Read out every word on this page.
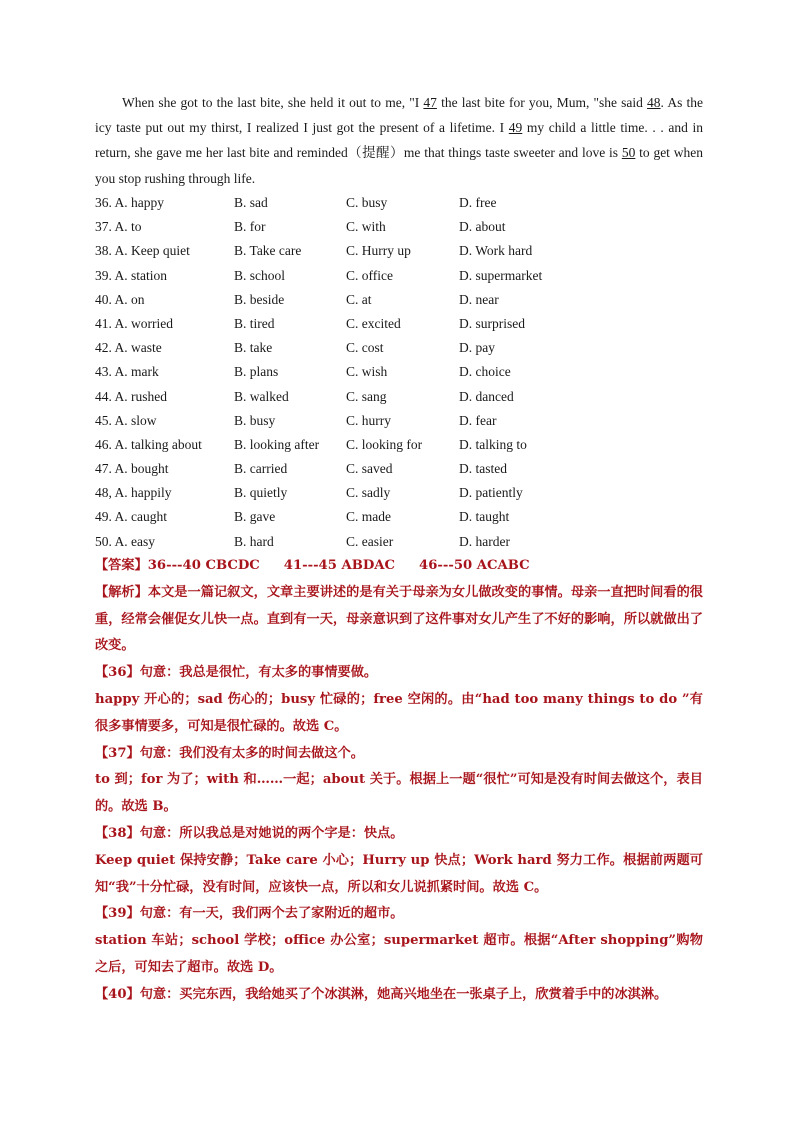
When she got to the last bite, she held it out to me, "I 47 the last bite for you, Mum, "she said 48. As the icy taste put out my thirst, I realized I just got the present of a lifetime. I 49 my child a little time. . . and in return, she gave me her last bite and reminded（提醒）me that things taste sweeter and love is 50 to get when you stop rushing through life.

36. A. happy	B. sad	C. busy	D. free
37. A. to	B. for	C. with	D. about
38. A. Keep quiet	B. Take care	C. Hurry up	D. Work hard
39. A. station	B. school	C. office	D. supermarket
40. A. on	B. beside	C. at	D. near
41. A. worried	B. tired	C. excited	D. surprised
42. A. waste	B. take	C. cost	D. pay
43. A. mark	B. plans	C. wish	D. choice
44. A. rushed	B. walked	C. sang	D. danced
45. A. slow	B. busy	C. hurry	D. fear
46. A. talking about B. looking after C. looking for	D. talking to
47. A. bought	B. carried	C. saved	D. tasted
48, A. happily	B. quietly	C. sadly	D. patiently
49. A. caught	B. gave	C. made	D. taught
50. A. easy	B. hard	C. easier	D. harder

【答案】36---40 CBCDC 41---45 ABDAC 46---50 ACABC

【解析】本文是一篇记叙文，文章主要讲述的是有关于母亲为女儿做改变的事情。母亲一直把时间看的很重，经常会催促女儿快一点。直到有一天，母亲意识到了这件事对女儿产生了不好的影响，所以就做出了改变。

【36】句意：我总是很忙，有太多的事情要做。

happy 开心的；sad 伤心的；busy 忙碌的；free 空闲的。由“had too many things to do ”有很多事情要多，可知是很忙碌的。故选 C。

【37】句意：我们没有太多的时间去做这个。

to 到；for 为了；with 和……一起；about 关于。根据上一题“很忙”可知是没有时间去做这个，表目的。故选 B。

【38】句意：所以我总是对她说的两个字是：快点。

Keep quiet 保持安静；Take care 小心；Hurry up 快点；Work hard 努力工作。根据前两题可知“我”十分忙碌，没有时间，应该快一点，所以和女儿说抓紧时间。故选 C。

【39】句意：有一天，我们两个去了家附近的超市。

station 车站；school 学校；office 办公室；supermarket 超市。根据“After shopping”购物之后，可知去了超市。故选 D。

【40】句意：买完东西，我给她买了个冰淇淋，她高兴地坐在一张桌子上，欣赏着手中的冰淇淋。
